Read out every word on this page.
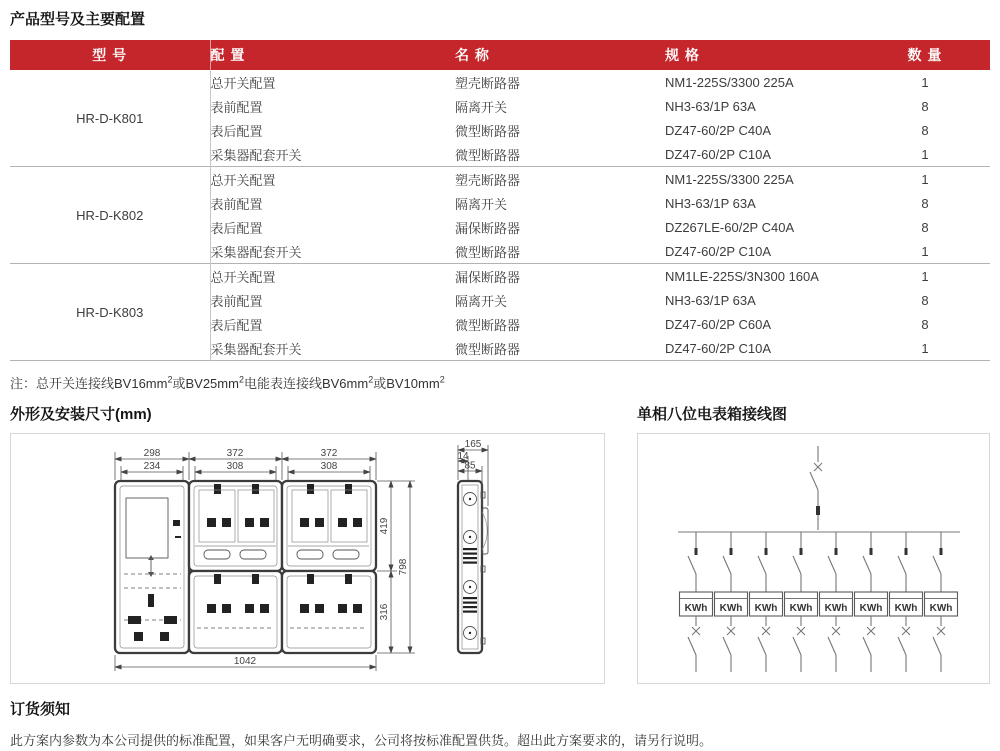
产品型号及主要配置
型 号	配 置	名 称	规 格	数 量
HR-D-K801	总开关配置	塑壳断路器	NM1-225S/3300 225A	1
	表前配置	隔离开关	NH3-63/1P 63A	8
	表后配置	微型断路器	DZ47-60/2P C40A	8
	采集器配套开关	微型断路器	DZ47-60/2P C10A	1
HR-D-K802	总开关配置	塑壳断路器	NM1-225S/3300 225A	1
	表前配置	隔离开关	NH3-63/1P 63A	8
	表后配置	漏保断路器	DZ267LE-60/2P C40A	8
	采集器配套开关	微型断路器	DZ47-60/2P C10A	1
HR-D-K803	总开关配置	漏保断路器	NM1LE-225S/3N300 160A	1
	表前配置	隔离开关	NH3-63/1P 63A	8
	表后配置	微型断路器	DZ47-60/2P C60A	8
	采集器配套开关	微型断路器	DZ47-60/2P C10A	1
注：总开关连接线$BV16mm^2$或$BV25mm^2$电能表连接线$BV6mm^2$或$BV10mm^2$
外形及安装尺寸(mm)
298	372	372
234	308	308
419
316
798
1042
165
14
85
单相八位电表箱接线图
KWh KWh KWh KWh KWh KWh KWh KWh
订货须知

此方案内参数为本公司提供的标准配置，如果客户无明确要求，公司将按标准配置供货。超出此方案要求的，请另行说明。
